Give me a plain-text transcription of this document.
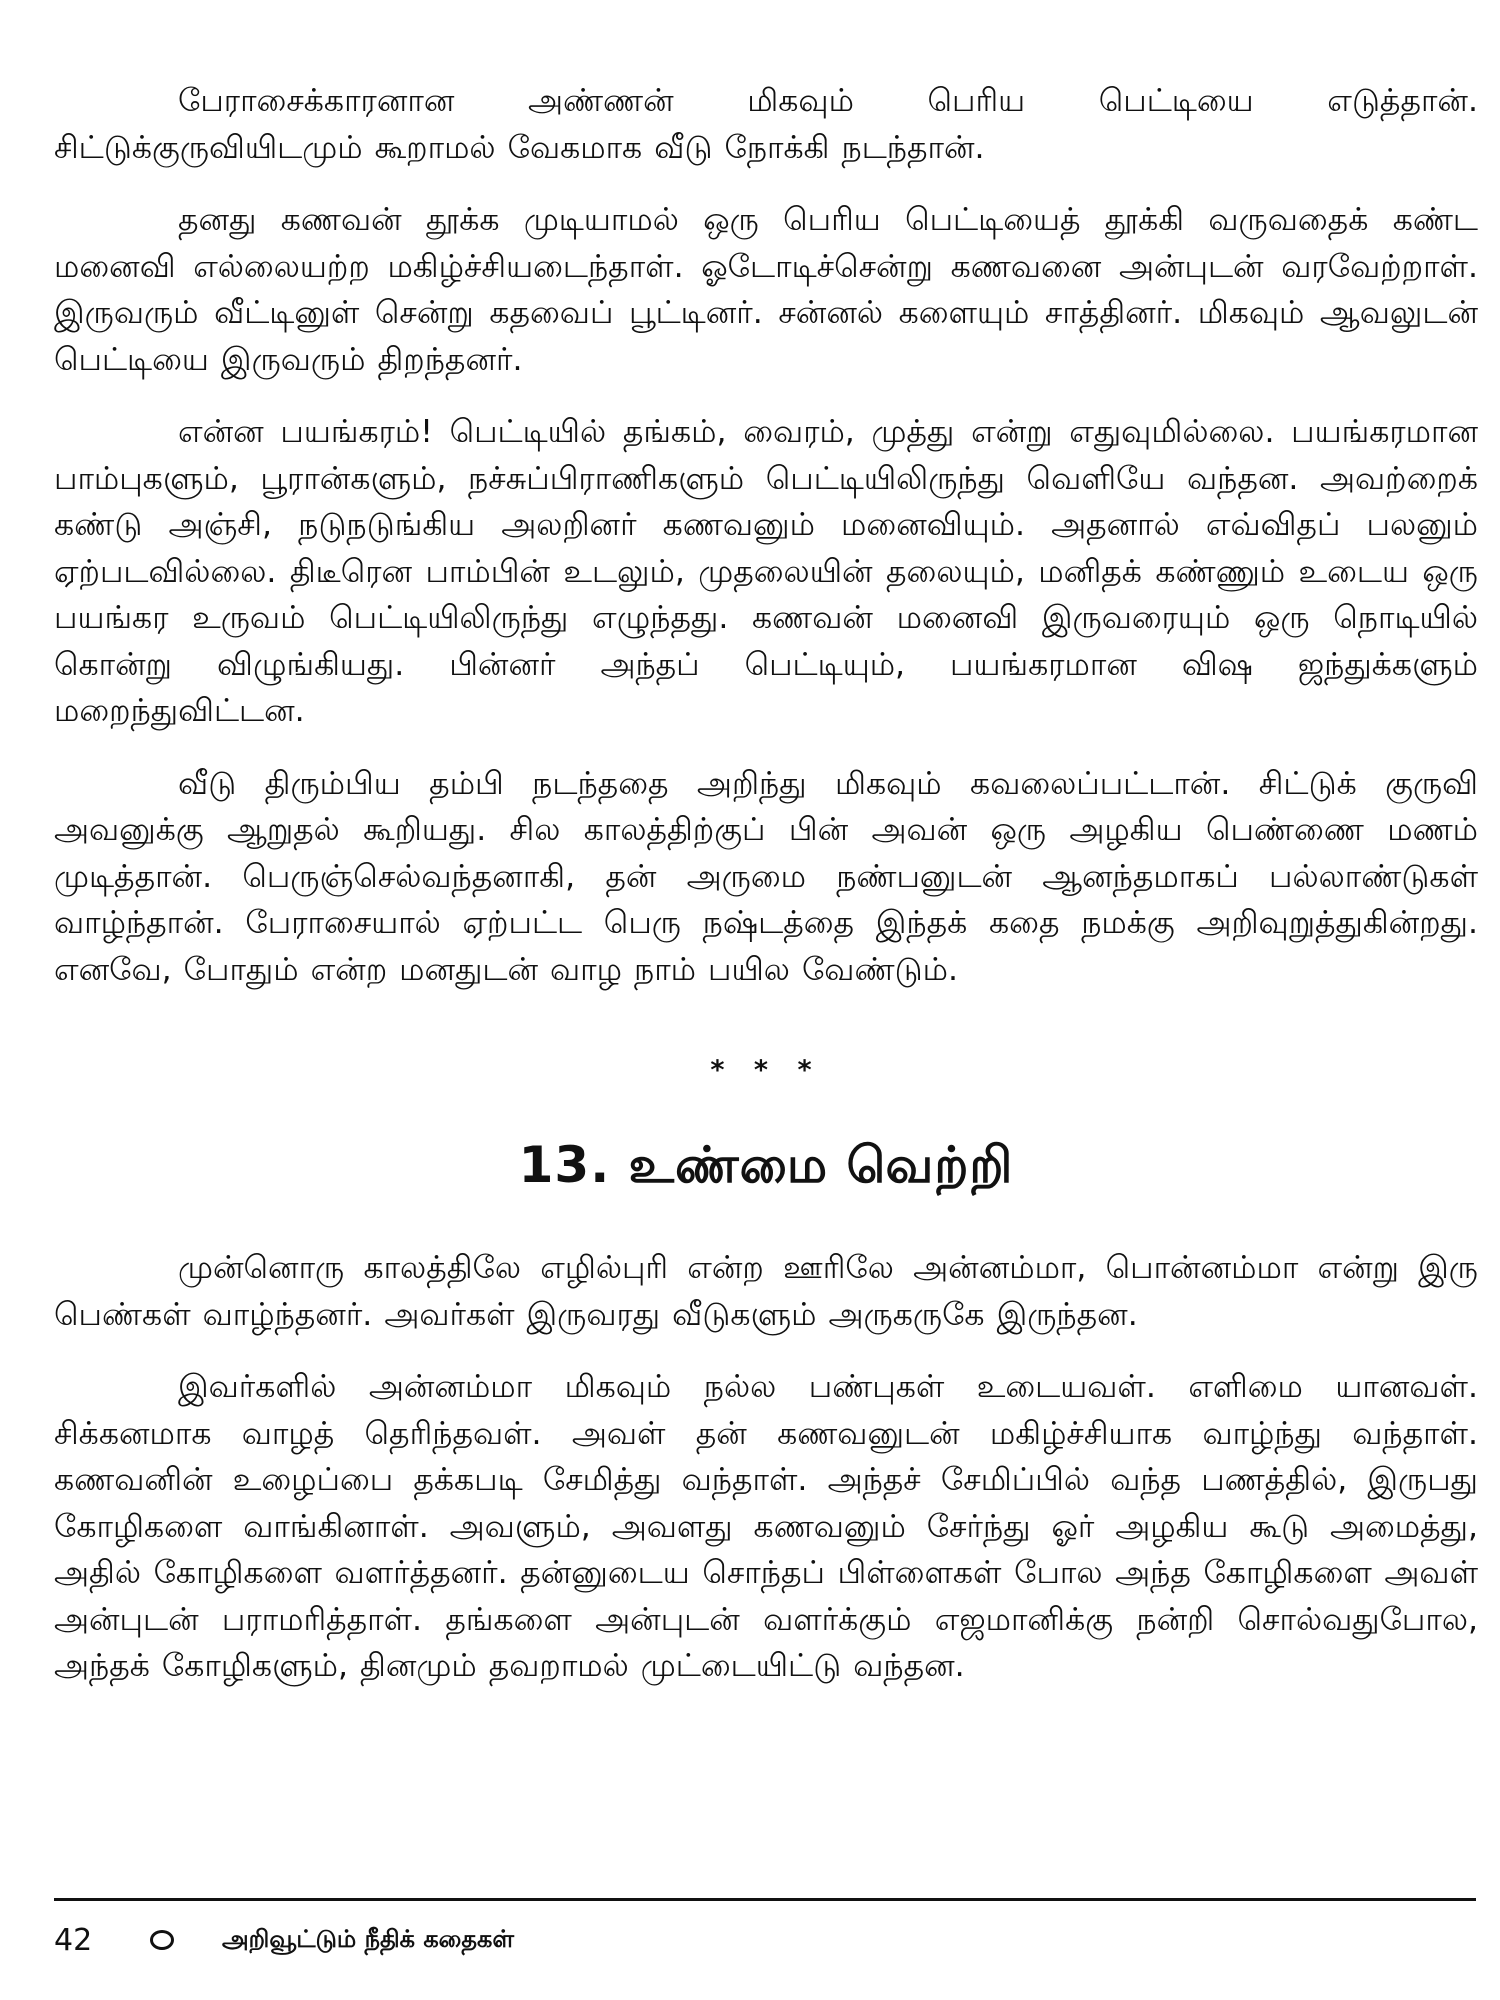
பேராசைக்காரனான அண்ணன் மிகவும் பெரிய பெட்டியை எடுத்தான். சிட்டுக்குருவியிடமும் கூறாமல் வேகமாக வீடு நோக்கி நடந்தான்.

தனது கணவன் தூக்க முடியாமல் ஒரு பெரிய பெட்டியைத் தூக்கி வருவதைக் கண்ட மனைவி எல்லையற்ற மகிழ்ச்சியடைந்தாள். ஓடோடிச்சென்று கணவனை அன்புடன் வரவேற்றாள். இருவரும் வீட்டினுள் சென்று கதவைப் பூட்டினர். சன்னல் களையும் சாத்தினர். மிகவும் ஆவலுடன் பெட்டியை இருவரும் திறந்தனர்.

என்ன பயங்கரம்! பெட்டியில் தங்கம், வைரம், முத்து என்று எதுவுமில்லை. பயங்கரமான பாம்புகளும், பூரான்களும், நச்சுப்பிராணிகளும் பெட்டியிலிருந்து வெளியே வந்தன. அவற்றைக் கண்டு அஞ்சி, நடுநடுங்கிய அலறினர் கணவனும் மனைவியும். அதனால் எவ்விதப் பலனும் ஏற்படவில்லை. திடீரென பாம்பின் உடலும், முதலையின் தலையும், மனிதக் கண்ணும் உடைய ஒரு பயங்கர உருவம் பெட்டியிலிருந்து எழுந்தது. கணவன் மனைவி இருவரையும் ஒரு நொடியில் கொன்று விழுங்கியது. பின்னர் அந்தப் பெட்டியும், பயங்கரமான விஷ ஜந்துக்களும் மறைந்துவிட்டன.

வீடு திரும்பிய தம்பி நடந்ததை அறிந்து மிகவும் கவலைப்பட்டான். சிட்டுக் குருவி அவனுக்கு ஆறுதல் கூறியது. சில காலத்திற்குப் பின் அவன் ஒரு அழகிய பெண்ணை மணம் முடித்தான். பெருஞ்செல்வந்தனாகி, தன் அருமை நண்பனுடன் ஆனந்தமாகப் பல்லாண்டுகள் வாழ்ந்தான். பேராசையால் ஏற்பட்ட பெரு நஷ்டத்தை இந்தக் கதை நமக்கு அறிவுறுத்துகின்றது. எனவே, போதும் என்ற மனதுடன் வாழ நாம் பயில வேண்டும்.

* * *
13. உண்மை வெற்றி

முன்னொரு காலத்திலே எழில்புரி என்ற ஊரிலே அன்னம்மா, பொன்னம்மா என்று இரு பெண்கள் வாழ்ந்தனர். அவர்கள் இருவரது வீடுகளும் அருகருகே இருந்தன.

இவர்களில் அன்னம்மா மிகவும் நல்ல பண்புகள் உடையவள். எளிமை யானவள். சிக்கனமாக வாழத் தெரிந்தவள். அவள் தன் கணவனுடன் மகிழ்ச்சியாக வாழ்ந்து வந்தாள். கணவனின் உழைப்பை தக்கபடி சேமித்து வந்தாள். அந்தச் சேமிப்பில் வந்த பணத்தில், இருபது கோழிகளை வாங்கினாள். அவளும், அவளது கணவனும் சேர்ந்து ஓர் அழகிய கூடு அமைத்து, அதில் கோழிகளை வளர்த்தனர். தன்னுடைய சொந்தப் பிள்ளைகள் போல அந்த கோழிகளை அவள் அன்புடன் பராமரித்தாள். தங்களை அன்புடன் வளர்க்கும் எஜமானிக்கு நன்றி சொல்வதுபோல, அந்தக் கோழிகளும், தினமும் தவறாமல் முட்டையிட்டு வந்தன.

42	அறிவூட்டும் நீதிக் கதைகள்
